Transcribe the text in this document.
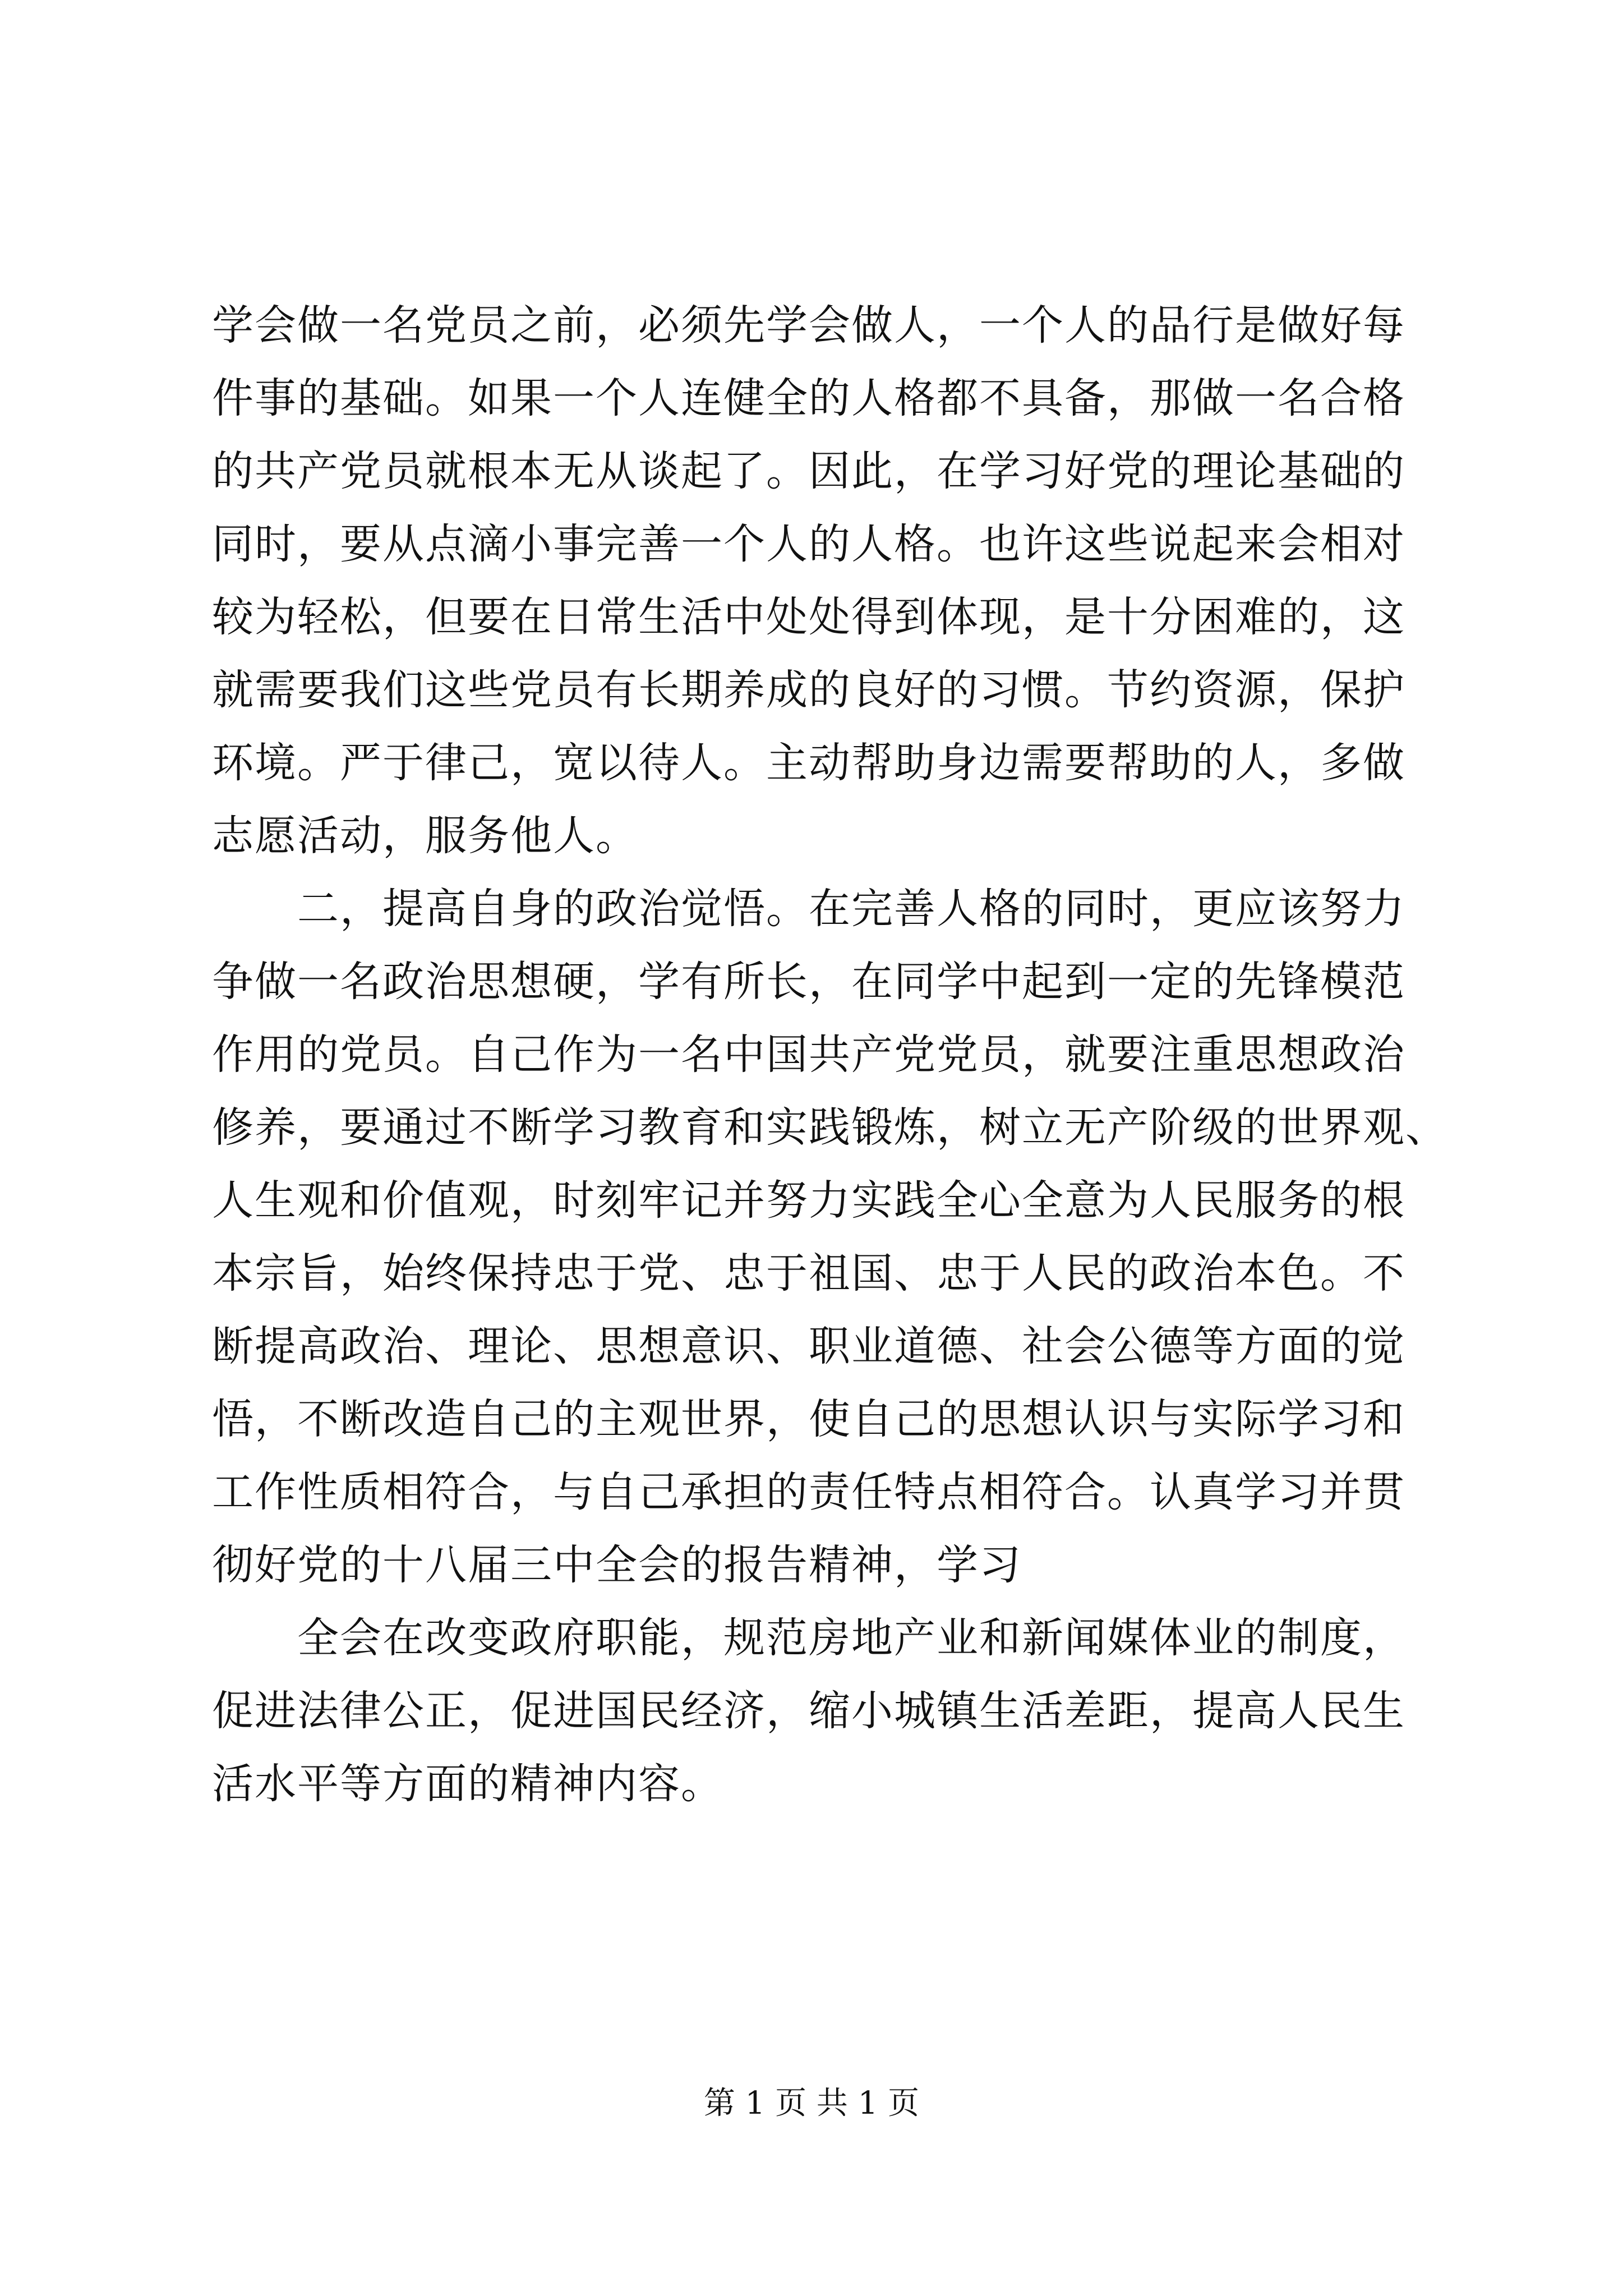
学会做一名党员之前，必须先学会做人，一个人的品行是做好每
件事的基础。如果一个人连健全的人格都不具备，那做一名合格
的共产党员就根本无从谈起了。因此，在学习好党的理论基础的
同时，要从点滴小事完善一个人的人格。也许这些说起来会相对
较为轻松，但要在日常生活中处处得到体现，是十分困难的，这
就需要我们这些党员有长期养成的良好的习惯。节约资源，保护
环境。严于律己，宽以待人。主动帮助身边需要帮助的人，多做
志愿活动，服务他人。
　　二，提高自身的政治觉悟。在完善人格的同时，更应该努力
争做一名政治思想硬，学有所长，在同学中起到一定的先锋模范
作用的党员。自己作为一名中国共产党党员，就要注重思想政治
修养，要通过不断学习教育和实践锻炼，树立无产阶级的世界观、
人生观和价值观，时刻牢记并努力实践全心全意为人民服务的根
本宗旨，始终保持忠于党、忠于祖国、忠于人民的政治本色。不
断提高政治、理论、思想意识、职业道德、社会公德等方面的觉
悟，不断改造自己的主观世界，使自己的思想认识与实际学习和
工作性质相符合，与自己承担的责任特点相符合。认真学习并贯
彻好党的十八届三中全会的报告精神，学习
　　全会在改变政府职能，规范房地产业和新闻媒体业的制度，
促进法律公正，促进国民经济，缩小城镇生活差距，提高人民生
活水平等方面的精神内容。
第 1 页 共 1 页
